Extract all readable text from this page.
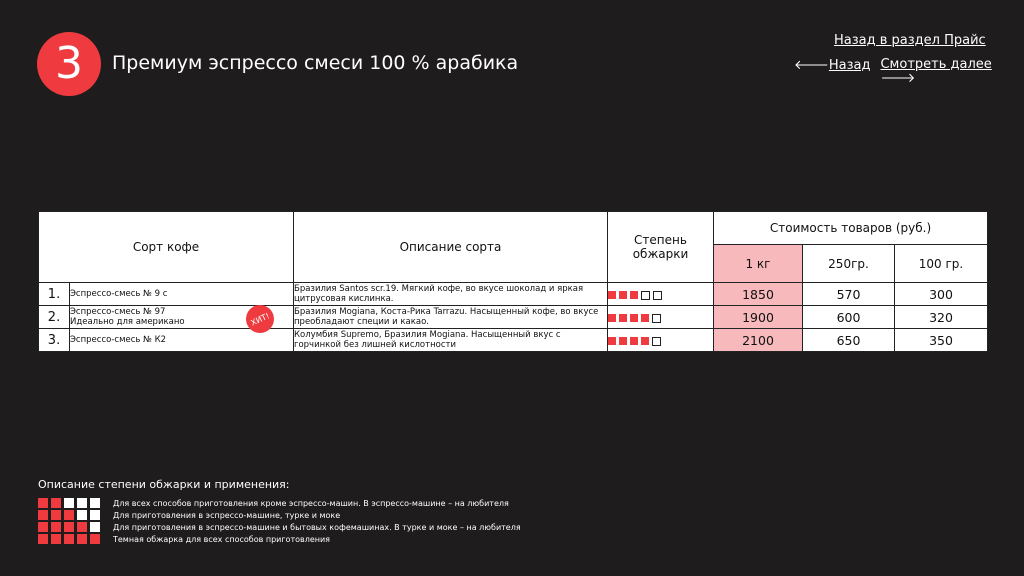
3	Премиум эспрессо смеси 100 % арабика
Назад в раздел Прайс
🡐Назад Смотреть далее
🡒
Сорт кофе		Описание сорта	Степень обжарки	Стоимость товаров (руб.)		
				1 кг	250гр.	100 гр.
1.	Эспрессо-смесь № 9 с	Бразилия Santos scr.19. Мягкий кофе, во вкусе шоколад и яркая цитрусовая кислинка.		1850	570	300
2.	Эспрессо-смесь № 97
Идеально для американо	Бразилия Mogiana, Коста-Рика Tarrazu. Насыщенный кофе, во вкусе преобладают специи и какао.		1900	600	320
3.	Эспрессо-смесь № К2	Колумбия Supremo, Бразилия Mogiana. Насыщенный вкус с горчинкой без лишней кислотности		2100	650	350
ХИТ!
Описание степени обжарки и применения:
Для всех способов приготовления кроме эспрессо-машин. В эспрессо-машине – на любителя
Для приготовления в эспрессо-машине, турке и моке
Для приготовления в эспрессо-машине и бытовых кофемашинах. В турке и моке – на любителя
Темная обжарка для всех способов приготовления
